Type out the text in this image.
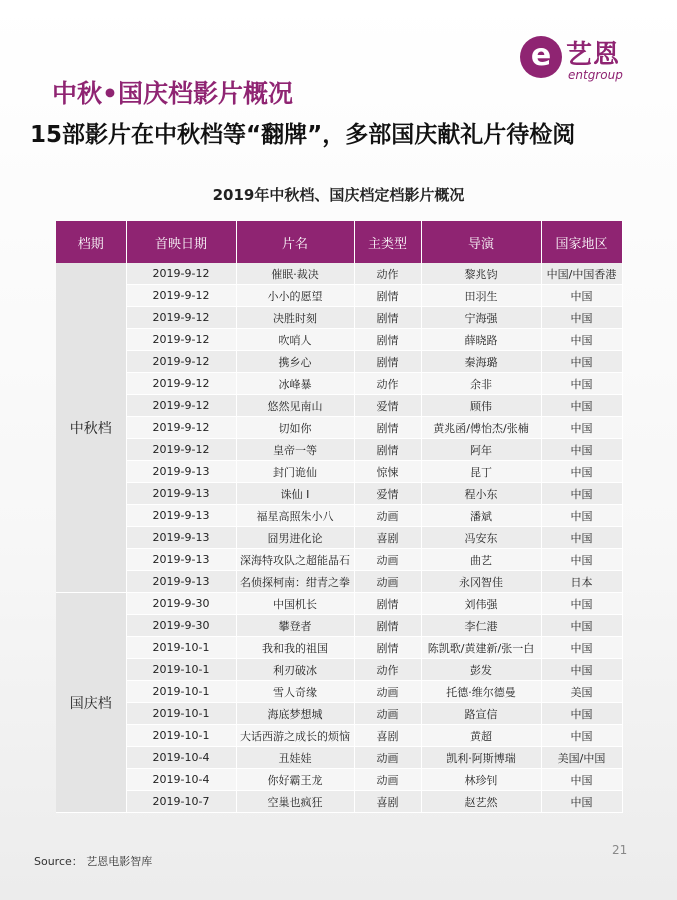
e 艺恩
entgroup
中秋•国庆档影片概况
15部影片在中秋档等“翻牌”，多部国庆献礼片待检阅
2019年中秋档、国庆档定档影片概况
档期	首映日期	片名	主类型	导演	国家地区
中秋档	2019-9-12	催眠·裁决	动作	黎兆钧	中国/中国香港
	2019-9-12	小小的愿望	剧情	田羽生	中国
	2019-9-12	决胜时刻	剧情	宁海强	中国
	2019-9-12	吹哨人	剧情	薛晓路	中国
	2019-9-12	携乡心	剧情	秦海璐	中国
	2019-9-12	冰峰暴	动作	余非	中国
	2019-9-12	悠然见南山	爱情	顾伟	中国
	2019-9-12	切如你	剧情	黄兆函/傅怡杰/张楠	中国
	2019-9-12	皇帝一等	剧情	阿年	中国
	2019-9-13	封门诡仙	惊悚	昆丁	中国
	2019-9-13	诛仙 I	爱情	程小东	中国
	2019-9-13	福星高照朱小八	动画	潘斌	中国
	2019-9-13	囧男进化论	喜剧	冯安东	中国
	2019-9-13	深海特攻队之超能晶石	动画	曲艺	中国
	2019-9-13	名侦探柯南：绀青之拳	动画	永冈智佳	日本
国庆档	2019-9-30	中国机长	剧情	刘伟强	中国
	2019-9-30	攀登者	剧情	李仁港	中国
	2019-10-1	我和我的祖国	剧情	陈凯歌/黄建新/张一白	中国
	2019-10-1	利刃破冰	动作	彭发	中国
	2019-10-1	雪人奇缘	动画	托德·维尔德曼	美国
	2019-10-1	海底梦想城	动画	路宣信	中国
	2019-10-1	大话西游之成长的烦恼	喜剧	黄超	中国
	2019-10-4	丑娃娃	动画	凯利·阿斯博瑞	美国/中国
	2019-10-4	你好霸王龙	动画	林珍钊	中国
	2019-10-7	空巢也疯狂	喜剧	赵艺然	中国
21
Source： 艺恩电影智库
